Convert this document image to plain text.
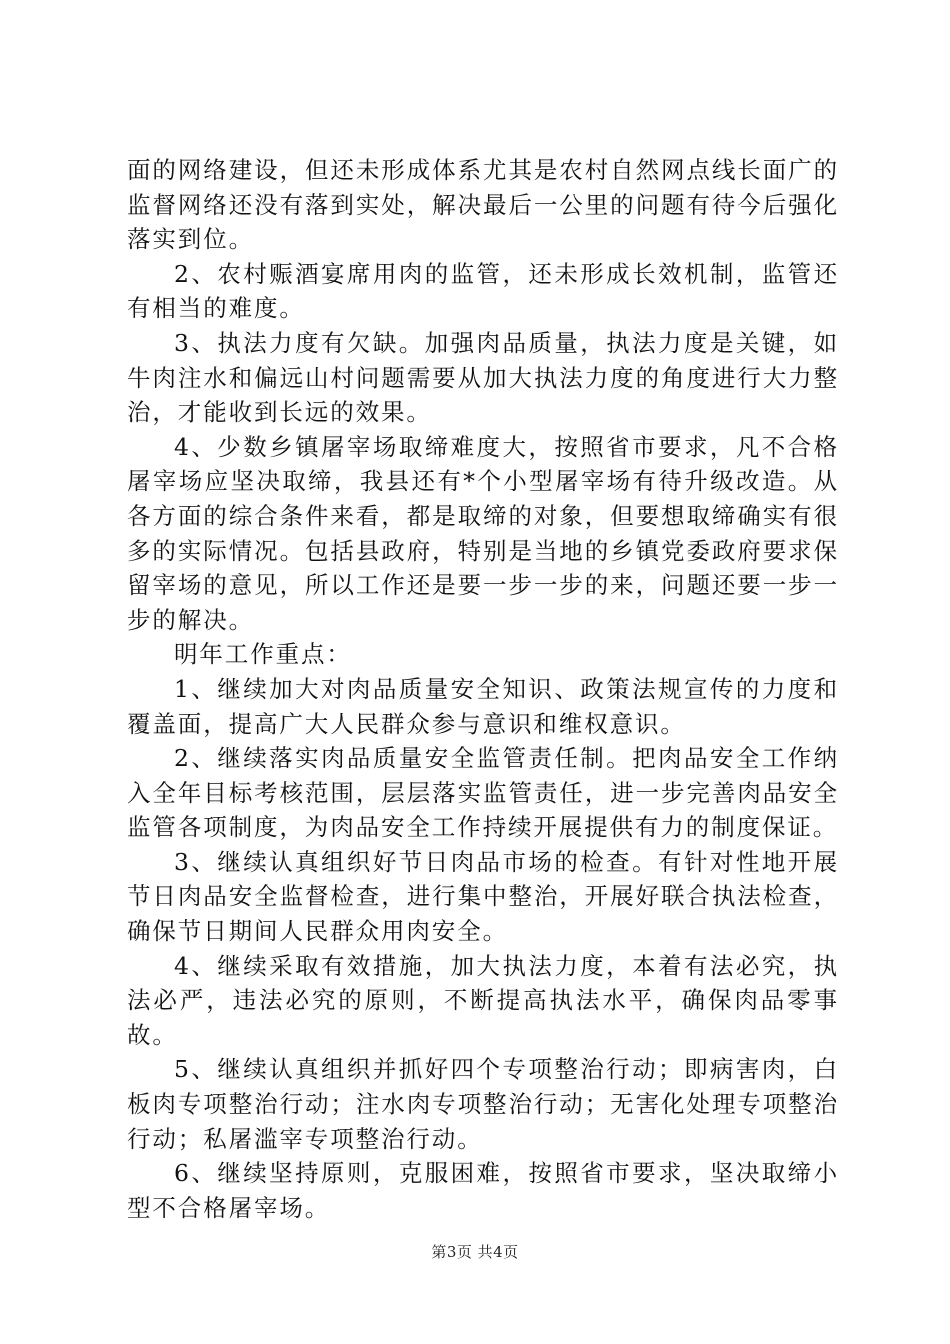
面的网络建设，但还未形成体系尤其是农村自然网点线长面广的监督网络还没有落到实处，解决最后一公里的问题有待今后强化落实到位。

2、农村赈酒宴席用肉的监管，还未形成长效机制，监管还有相当的难度。

3、执法力度有欠缺。加强肉品质量，执法力度是关键，如牛肉注水和偏远山村问题需要从加大执法力度的角度进行大力整治，才能收到长远的效果。

4、少数乡镇屠宰场取缔难度大，按照省市要求，凡不合格屠宰场应坚决取缔，我县还有*个小型屠宰场有待升级改造。从各方面的综合条件来看，都是取缔的对象，但要想取缔确实有很多的实际情况。包括县政府，特别是当地的乡镇党委政府要求保留宰场的意见，所以工作还是要一步一步的来，问题还要一步一步的解决。

明年工作重点：

1、继续加大对肉品质量安全知识、政策法规宣传的力度和覆盖面，提高广大人民群众参与意识和维权意识。

2、继续落实肉品质量安全监管责任制。把肉品安全工作纳入全年目标考核范围，层层落实监管责任，进一步完善肉品安全监管各项制度，为肉品安全工作持续开展提供有力的制度保证。

3、继续认真组织好节日肉品市场的检查。有针对性地开展节日肉品安全监督检查，进行集中整治，开展好联合执法检查，确保节日期间人民群众用肉安全。

4、继续采取有效措施，加大执法力度，本着有法必究，执法必严，违法必究的原则，不断提高执法水平，确保肉品零事故。

5、继续认真组织并抓好四个专项整治行动；即病害肉，白板肉专项整治行动；注水肉专项整治行动；无害化处理专项整治行动；私屠滥宰专项整治行动。

6、继续坚持原则，克服困难，按照省市要求，坚决取缔小型不合格屠宰场。

第3页 共4页
